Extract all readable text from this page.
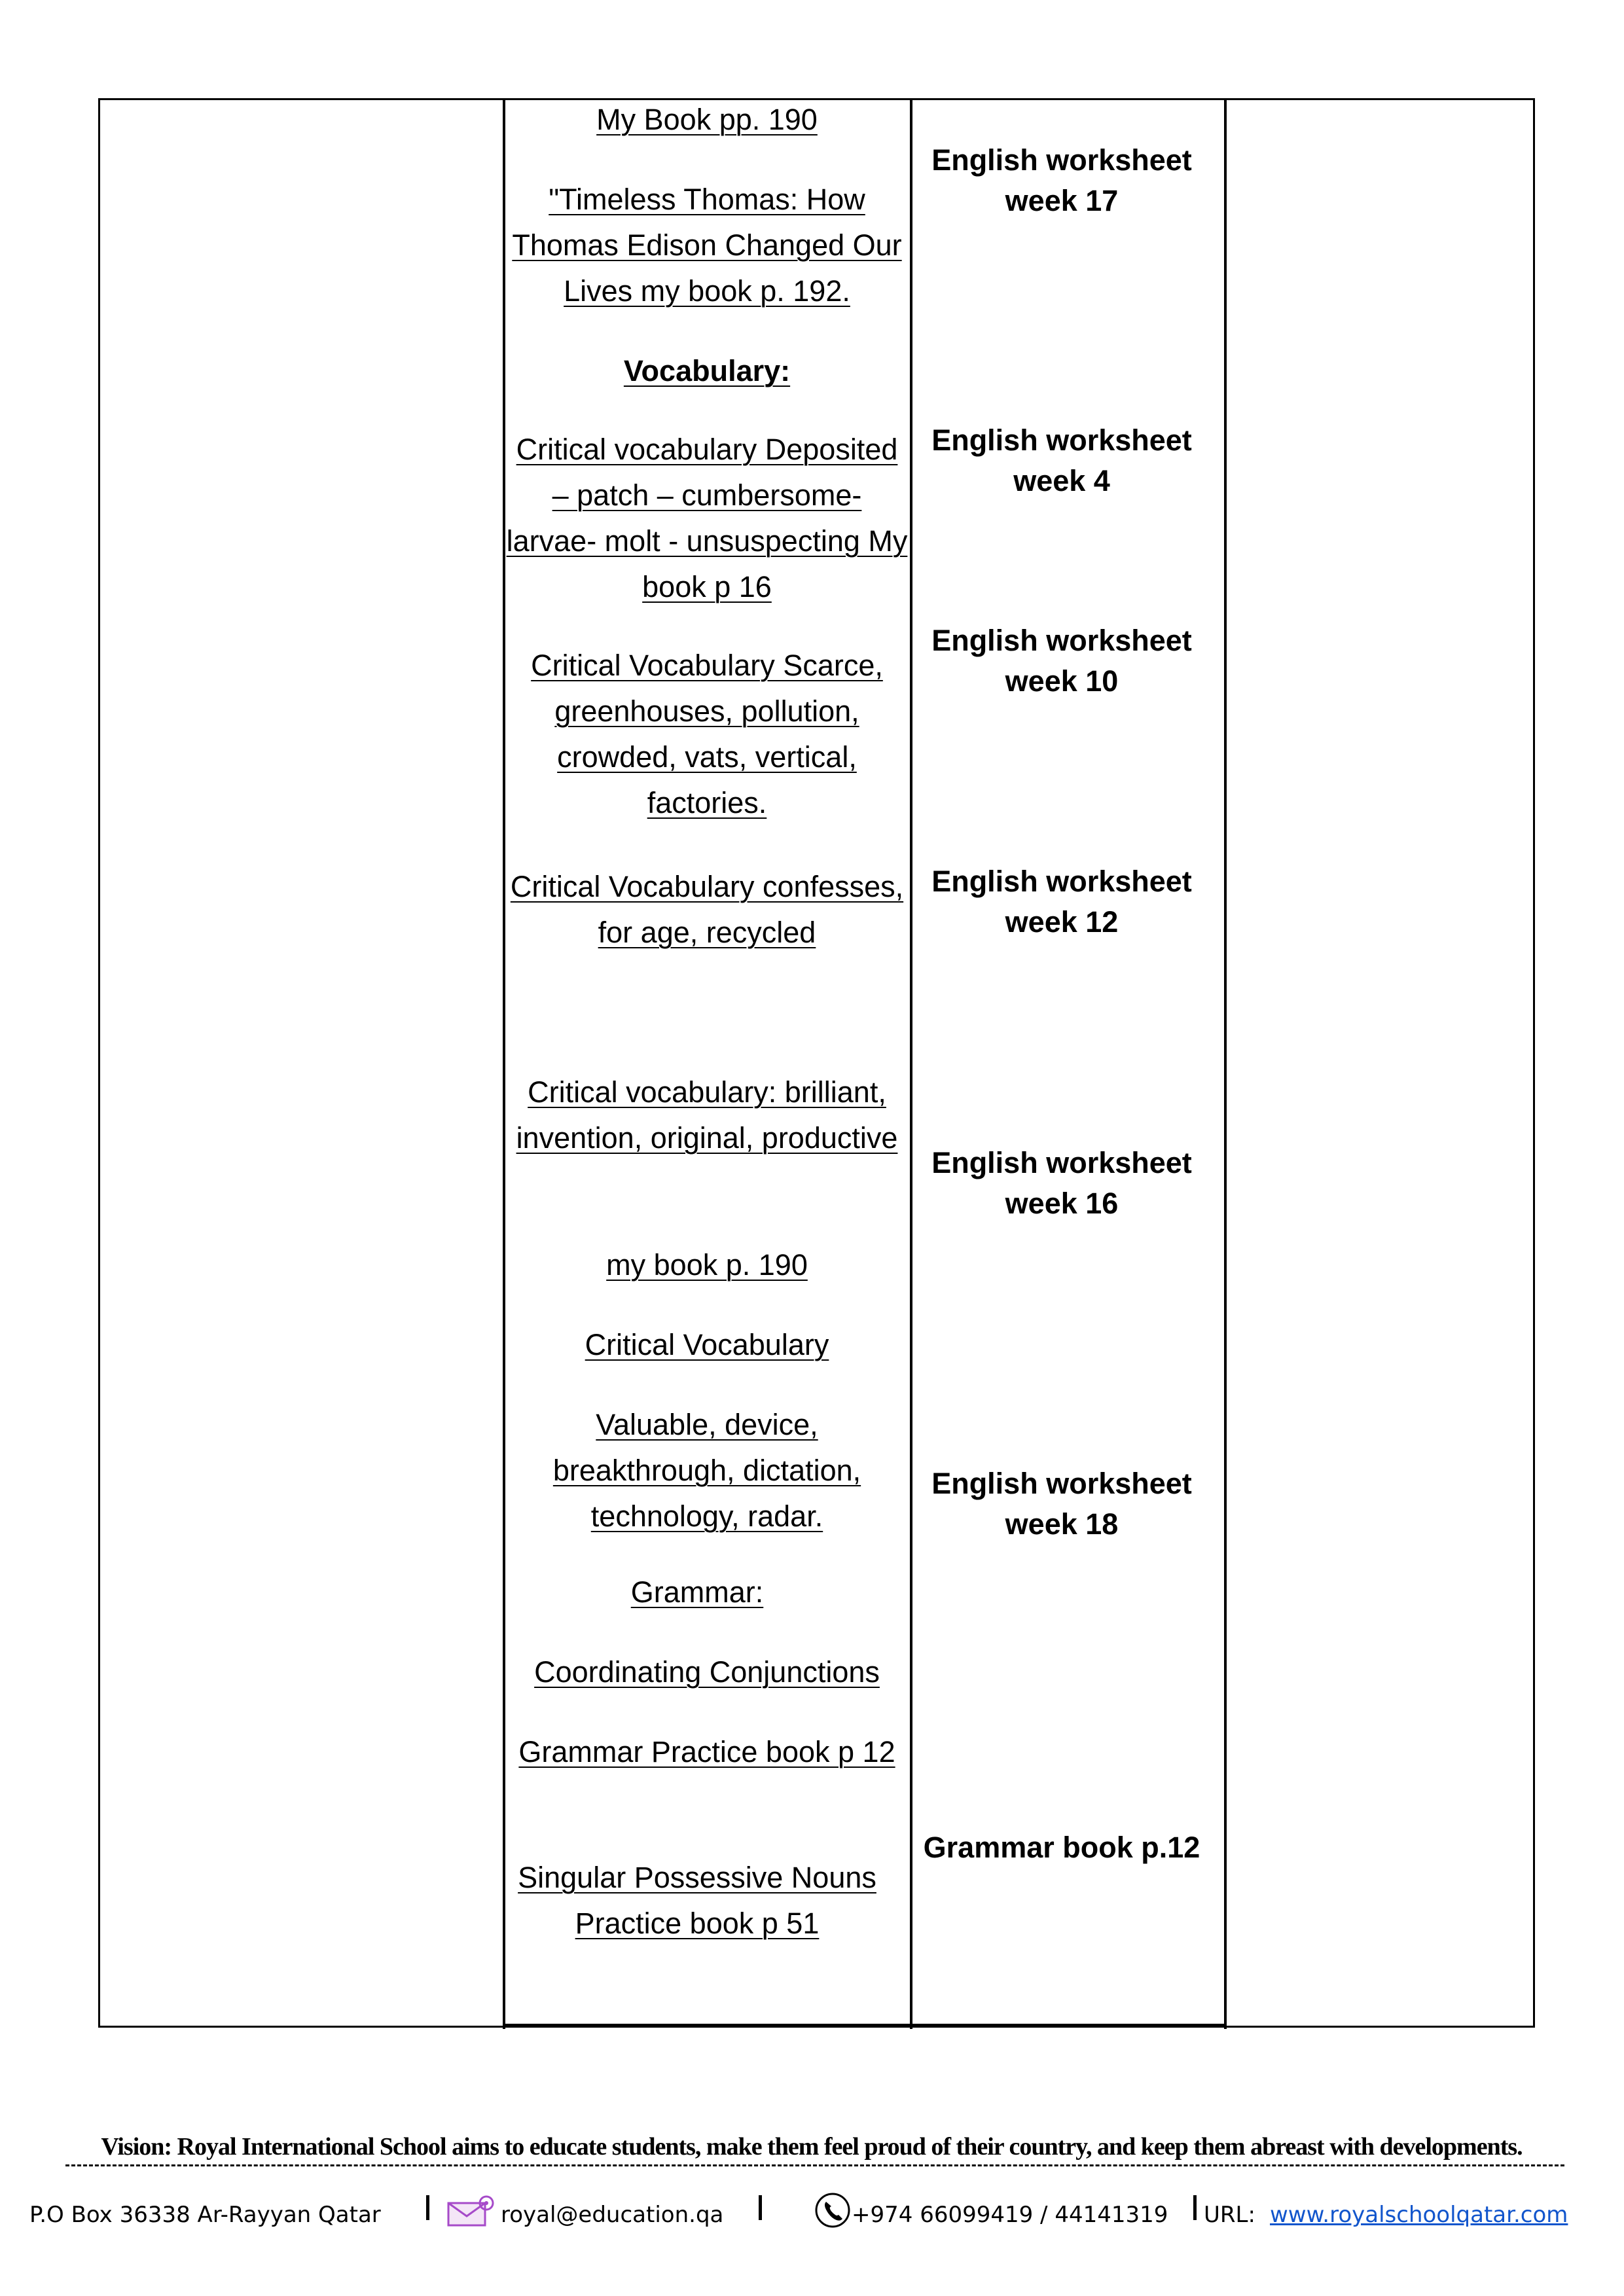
My Book pp. 190
"Timeless Thomas: How Thomas Edison Changed Our Lives my book p. 192.
Vocabulary:
Critical vocabulary Deposited – patch – cumbersome- larvae- molt - unsuspecting My book p 16
Critical Vocabulary Scarce, greenhouses, pollution, crowded, vats, vertical, factories.
Critical Vocabulary confesses, for age, recycled
Critical vocabulary: brilliant, invention, original, productive
my book p. 190
Critical Vocabulary
Valuable, device, breakthrough, dictation, technology, radar.
Grammar:
Coordinating Conjunctions
Grammar Practice book p 12
Singular Possessive Nouns Practice book p 51
English worksheet week 17
English worksheet week 4
English worksheet week 10
English worksheet week 12
English worksheet week 16
English worksheet week 18
Grammar book p.12
Vision: Royal International School aims to educate students, make them feel proud of their country, and keep them abreast with developments.
P.O Box 36338 Ar-Rayyan Qatar	royal@education.qa	+974 66099419 / 44141319 URL: www.royalschoolqatar.com
